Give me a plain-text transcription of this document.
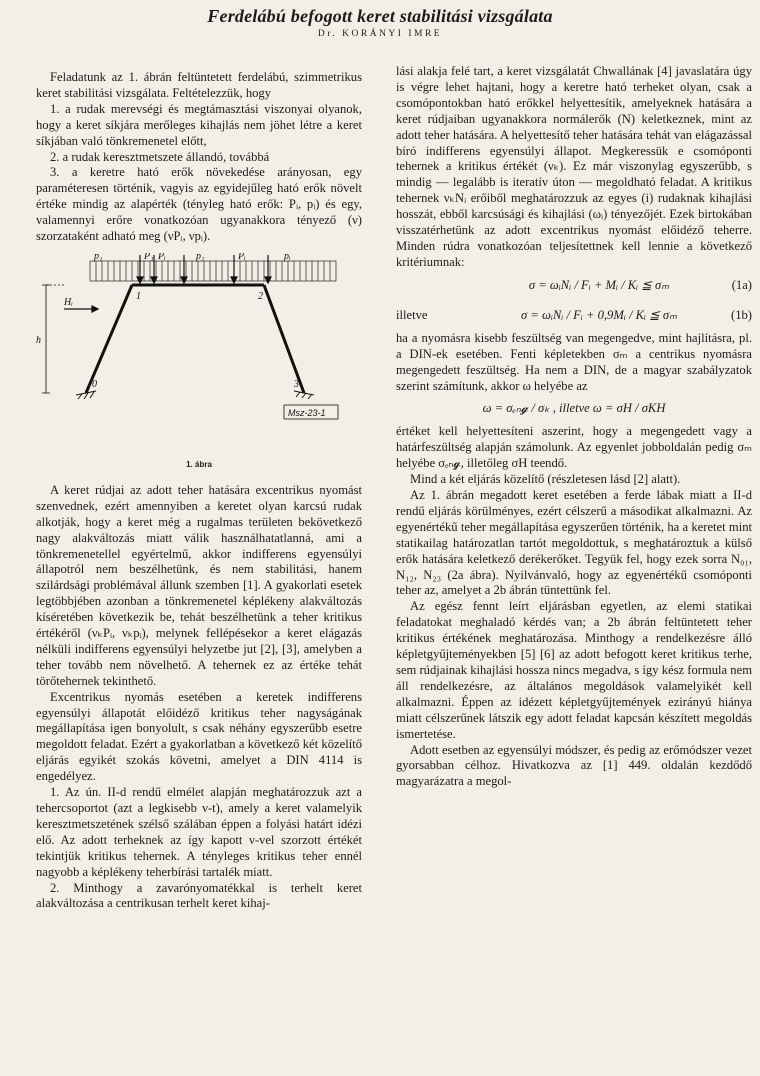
Ferdelábú befogott keret stabilitási vizsgálata
Dr. KORÁNYI IMRE

Feladatunk az 1. ábrán feltüntetett ferdelábú, szimmetrikus keret stabilitási vizsgálata. Feltételezzük, hogy

1. a rudak merevségi és megtámasztási viszonyai olyanok, hogy a keret síkjára merőleges kihajlás nem jöhet létre a keret síkjában való tönkremenetel előtt,

2. a rudak keresztmetszete állandó, továbbá

3. a keretre ható erők növekedése arányosan, egy paraméteresen történik, vagyis az egyidejűleg ható erők növelt értéke mindig az alapérték (tényleg ható erők: Pᵢ, pᵢ) és egy, valamennyi erőre vonatkozóan ugyanakkora tényező (ν) szorzataként adható meg (νPᵢ, νpᵢ).

p₁	P₁ Pᵢ	p₂	Pᵢ	pᵢ
h
Hᵢ
0
1	2
3
Msz-23-1
1. ábra

A keret rúdjai az adott teher hatására excentrikus nyomást szenvednek, ezért amennyiben a keretet olyan karcsú rudak alkotják, hogy a keret még a rugalmas területen bekövetkező nagy alakváltozás miatt válik használhatatlanná, ami a tönkremenetellel egyértelmű, akkor indifferens egyensúlyi állapotról nem beszélhetünk, és nem stabilitási, hanem szilárdsági problémával állunk szemben [1]. A gyakorlati esetek legtöbbjében azonban a tönkremenetel képlékeny alakváltozás kíséretében következik be, tehát beszélhetünk a teher kritikus értékéről (νₖPᵢ, νₖpᵢ), melynek fellépésekor a keret elágazás nélküli indifferens egyensúlyi helyzetbe jut [2], [3], amelyben a teher tovább nem növelhető. A tehernek ez az értéke tehát törőtehernek tekinthető.

Excentrikus nyomás esetében a keretek indifferens egyensúlyi állapotát előidéző kritikus teher nagyságának megállapítása igen bonyolult, s csak néhány egyszerűbb esetre megoldott feladat. Ezért a gyakorlatban a következő két közelítő eljárás egyikét szokás követni, amelyet a DIN 4114 is engedélyez.

1. Az ún. II-d rendű elmélet alapján meghatározzuk azt a tehercsoportot (azt a legkisebb ν-t), amely a keret valamelyik keresztmetszetének szélső szálában éppen a folyási határt idézi elő. Az adott terheknek az így kapott ν-vel szorzott értékét tekintjük kritikus tehernek. A tényleges kritikus teher ennél nagyobb a képlékeny teherbírási tartalék miatt.

2. Minthogy a zavarónyomatékkal is terhelt keret alakváltozása a centrikusan terhelt keret kihaj-

lási alakja felé tart, a keret vizsgálatát Chwallának [4] javaslatára úgy is végre lehet hajtani, hogy a keretre ható terheket olyan, csak a csomópontokban ható erőkkel helyettesítik, amelyeknek hatására a keret rúdjaiban ugyanakkora normálerők (N) keletkeznek, mint az adott teher hatására. A helyettesítő teher hatására tehát van elágazással bíró indifferens egyensúlyi állapot. Megkeressük e csomóponti tehernek a kritikus értékét (νₖ). Ez már viszonylag egyszerűbb, s mindig — legalább is iteratív úton — megoldható feladat. A kritikus tehernek νₖNᵢ erőiből meghatározzuk az egyes (i) rudaknak kihajlási hosszát, ebből karcsúsági és kihajlási (ωᵢ) tényezőjét. Ezek birtokában visszatérhetünk az adott excentrikus nyomást előidéző teherre. Minden rúdra vonatkozóan teljesítettnek kell lennie a következő kritériumnak:

σ = ωᵢNᵢ / Fᵢ + Mᵢ / Kᵢ ≦ σₘ	(1a)
illetve	σ = ωᵢNᵢ / Fᵢ + 0,9Mᵢ / Kᵢ ≦ σₘ	(1b)

ha a nyomásra kisebb feszültség van megengedve, mint hajlításra, pl. a DIN-ek esetében. Fenti képletekben σₘ a centrikus nyomásra megengedett feszültség. Ha nem a DIN, de a magyar szabályzatok szerint számítunk, akkor ω helyébe az

ω = σₑₙ𝓰 / σₖ , illetve ω = σH / σKH

értéket kell helyettesíteni aszerint, hogy a megengedett vagy a határfeszültség alapján számolunk. Az egyenlet jobboldalán pedig σₘ helyébe σₑₙ𝓰, illetőleg σH teendő.

Mind a két eljárás közelítő (részletesen lásd [2] alatt).

Az 1. ábrán megadott keret esetében a ferde lábak miatt a II-d rendű eljárás körülményes, ezért célszerű a másodikat alkalmazni. Az egyenértékű teher megállapítása egyszerűen történik, ha a keretet mint statikailag határozatlan tartót megoldottuk, s meghatároztuk a külső erők hatására keletkező derékerőket. Tegyük fel, hogy ezek sorra N₀₁, N₁₂, N₂₃ (2a ábra). Nyilvánvaló, hogy az egyenértékű csomóponti teher az, amelyet a 2b ábrán tüntettünk fel.

Az egész fennt leírt eljárásban egyetlen, az elemi statikai feladatokat meghaladó kérdés van; a 2b ábrán feltüntetett teher kritikus értékének meghatározása. Minthogy a rendelkezésre álló képletgyűjteményekben [5] [6] az adott befogott keret kritikus terhe, sem rúdjainak kihajlási hossza nincs megadva, s így kész formula nem áll rendelkezésre, az általános megoldások valamelyikét kell alkalmazni. Éppen az idézett képletgyűjtemények ezirányú hiánya miatt célszerűnek látszik egy adott feladat kapcsán készített megoldás ismertetése.

Adott esetben az egyensúlyi módszer, és pedig az erőmódszer vezet gyorsabban célhoz. Hivatkozva az [1] 449. oldalán kezdődő magyarázatra a megol-
